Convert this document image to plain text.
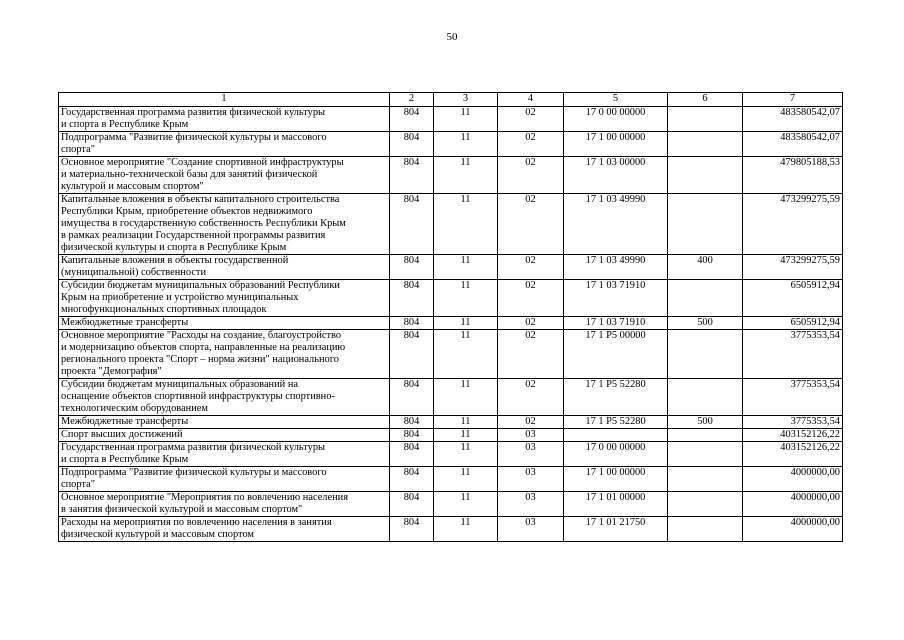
50
1	2	3	4	5	6	7
Государственная программа развития физической культуры
и спорта в Республике Крым	804	11	02	17 0 00 00000		483580542,07
Подпрограмма "Развитие физической культуры и массового
спорта"	804	11	02	17 1 00 00000		483580542,07
Основное мероприятие "Создание спортивной инфраструктуры
и материально-технической базы для занятий физической
культурой и массовым спортом"	804	11	02	17 1 03 00000		479805188,53
Капитальные вложения в объекты капитального строительства
Республики Крым, приобретение объектов недвижимого
имущества в государственную собственность Республики Крым
в рамках реализации Государственной программы развития
физической культуры и спорта в Республике Крым	804	11	02	17 1 03 49990		473299275,59
Капитальные вложения в объекты государственной
(муниципальной) собственности	804	11	02	17 1 03 49990	400	473299275,59
Субсидии бюджетам муниципальных образований Республики
Крым на приобретение и устройство муниципальных
многофункциональных спортивных площадок	804	11	02	17 1 03 71910		6505912,94
Межбюджетные трансферты	804	11	02	17 1 03 71910	500	6505912,94
Основное мероприятие "Расходы на создание, благоустройство
и модернизацию объектов спорта, направленные на реализацию
регионального проекта "Спорт – норма жизни" национального
проекта "Демография"	804	11	02	17 1 P5 00000		3775353,54
Субсидии бюджетам муниципальных образований на
оснащение объектов спортивной инфраструктуры спортивно-
технологическим оборудованием	804	11	02	17 1 P5 52280		3775353,54
Межбюджетные трансферты	804	11	02	17 1 P5 52280	500	3775353,54
Спорт высших достижений	804	11	03			403152126,22
Государственная программа развития физической культуры
и спорта в Республике Крым	804	11	03	17 0 00 00000		403152126,22
Подпрограмма "Развитие физической культуры и массового
спорта"	804	11	03	17 1 00 00000		4000000,00
Основное мероприятие "Мероприятия по вовлечению населения
в занятия физической культурой и массовым спортом"	804	11	03	17 1 01 00000		4000000,00
Расходы на мероприятия по вовлечению населения в занятия
физической культурой и массовым спортом	804	11	03	17 1 01 21750		4000000,00
